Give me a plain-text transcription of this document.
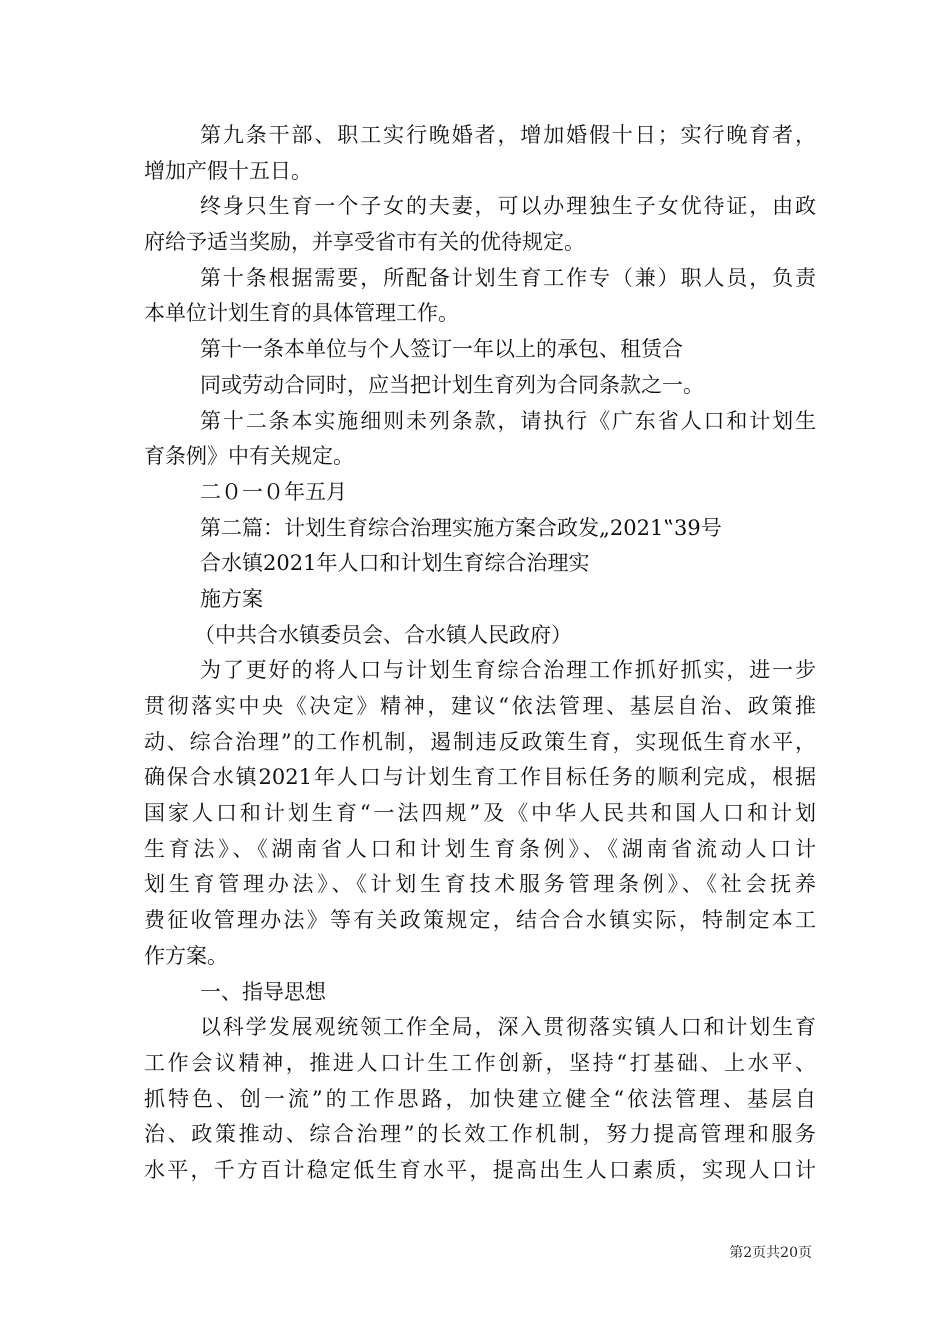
第九条干部、职工实行晚婚者，增加婚假十日；实行晚育者，
增加产假十五日。
终身只生育一个子女的夫妻，可以办理独生子女优待证，由政
府给予适当奖励，并享受省市有关的优待规定。
第十条根据需要，所配备计划生育工作专（兼）职人员，负责
本单位计划生育的具体管理工作。
第十一条本单位与个人签订一年以上的承包、租赁合
同或劳动合同时，应当把计划生育列为合同条款之一。
第十二条本实施细则未列条款，请执行《广东省人口和计划生
育条例》中有关规定。
二０一０年五月
第二篇：计划生育综合治理实施方案合政发„2021‟39号
合水镇2021年人口和计划生育综合治理实
施方案
（中共合水镇委员会、合水镇人民政府）
为了更好的将人口与计划生育综合治理工作抓好抓实，进一步
贯彻落实中央《决定》精神，建议“依法管理、基层自治、政策推
动、综合治理”的工作机制，遏制违反政策生育，实现低生育水平，
确保合水镇2021年人口与计划生育工作目标任务的顺利完成，根据
国家人口和计划生育“一法四规”及《中华人民共和国人口和计划
生育法》、《湖南省人口和计划生育条例》、《湖南省流动人口计
划生育管理办法》、《计划生育技术服务管理条例》、《社会抚养
费征收管理办法》等有关政策规定，结合合水镇实际，特制定本工
作方案。
一、指导思想
以科学发展观统领工作全局，深入贯彻落实镇人口和计划生育
工作会议精神，推进人口计生工作创新，坚持“打基础、上水平、
抓特色、创一流”的工作思路，加快建立健全“依法管理、基层自
治、政策推动、综合治理”的长效工作机制，努力提高管理和服务
水平，千方百计稳定低生育水平，提高出生人口素质，实现人口计
第2页共20页
